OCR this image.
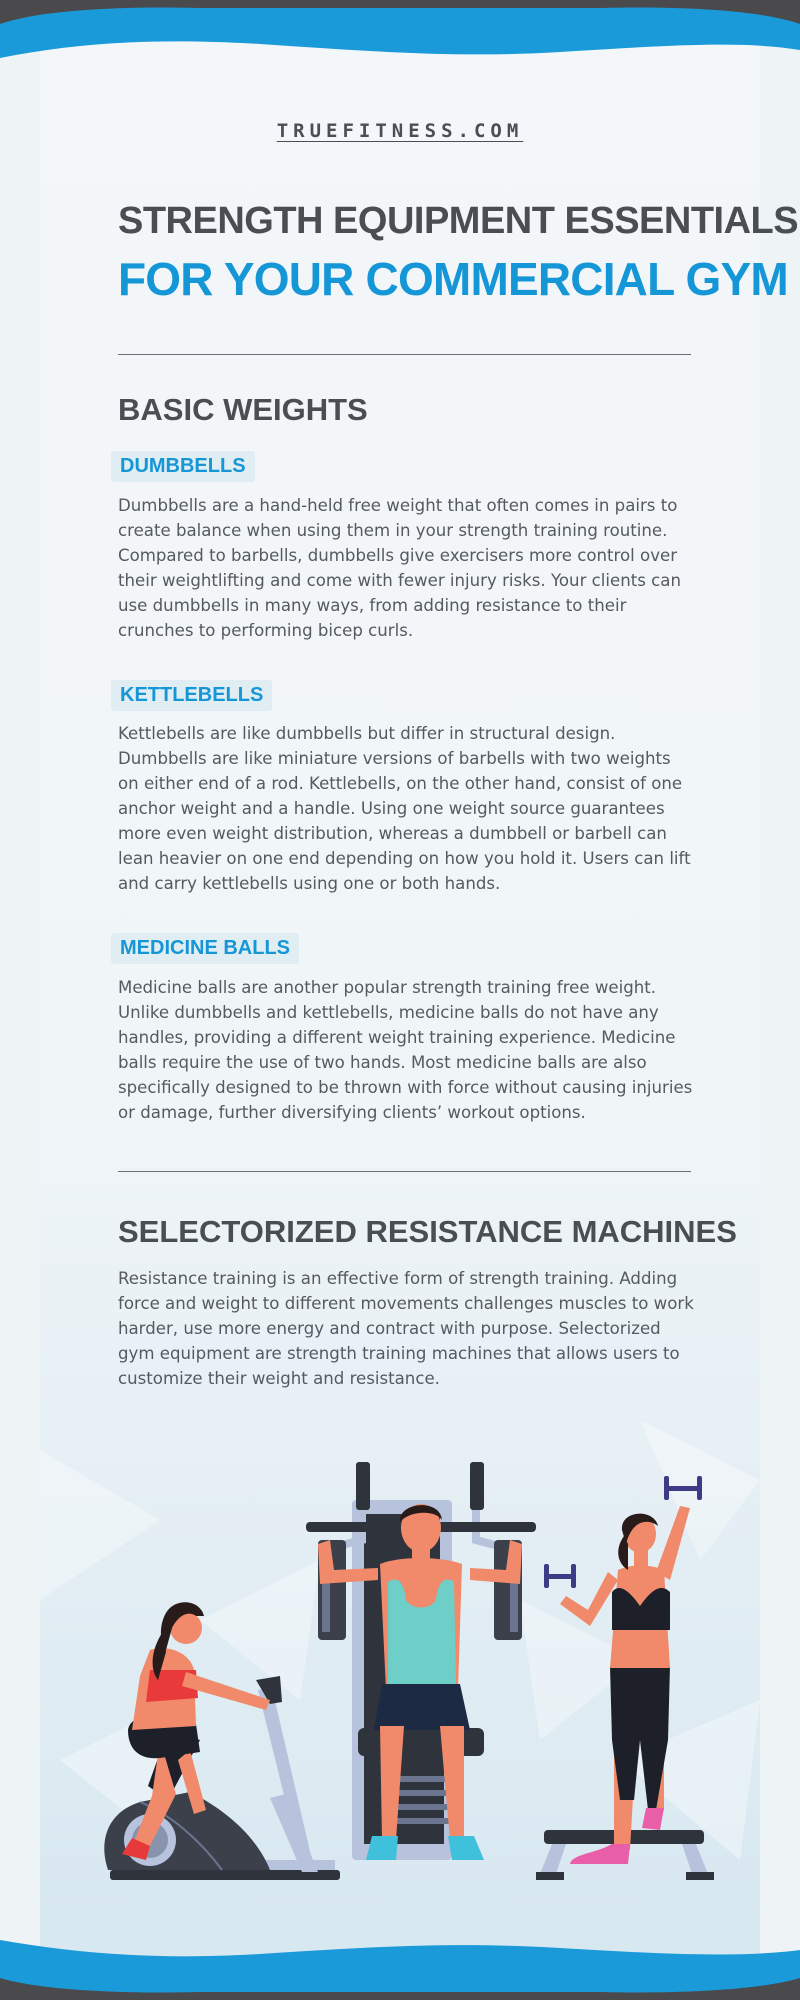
TRUEFITNESS.COM
STRENGTH EQUIPMENT ESSENTIALS
FOR YOUR COMMERCIAL GYM
BASIC WEIGHTS
DUMBBELLS
Dumbbells are a hand-held free weight that often comes in pairs to create balance when using them in your strength training routine. Compared to barbells, dumbbells give exercisers more control over their weightlifting and come with fewer injury risks. Your clients can use dumbbells in many ways, from adding resistance to their crunches to performing bicep curls.
KETTLEBELLS
Kettlebells are like dumbbells but differ in structural design. Dumbbells are like miniature versions of barbells with two weights on either end of a rod. Kettlebells, on the other hand, consist of one anchor weight and a handle. Using one weight source guarantees more even weight distribution, whereas a dumbbell or barbell can lean heavier on one end depending on how you hold it. Users can lift and carry kettlebells using one or both hands.
MEDICINE BALLS
Medicine balls are another popular strength training free weight. Unlike dumbbells and kettlebells, medicine balls do not have any handles, providing a different weight training experience. Medicine balls require the use of two hands. Most medicine balls are also specifically designed to be thrown with force without causing injuries or damage, further diversifying clients’ workout options.
SELECTORIZED RESISTANCE MACHINES
Resistance training is an effective form of strength training. Adding force and weight to different movements challenges muscles to work harder, use more energy and contract with purpose. Selectorized gym equipment are strength training machines that allows users to customize their weight and resistance.
